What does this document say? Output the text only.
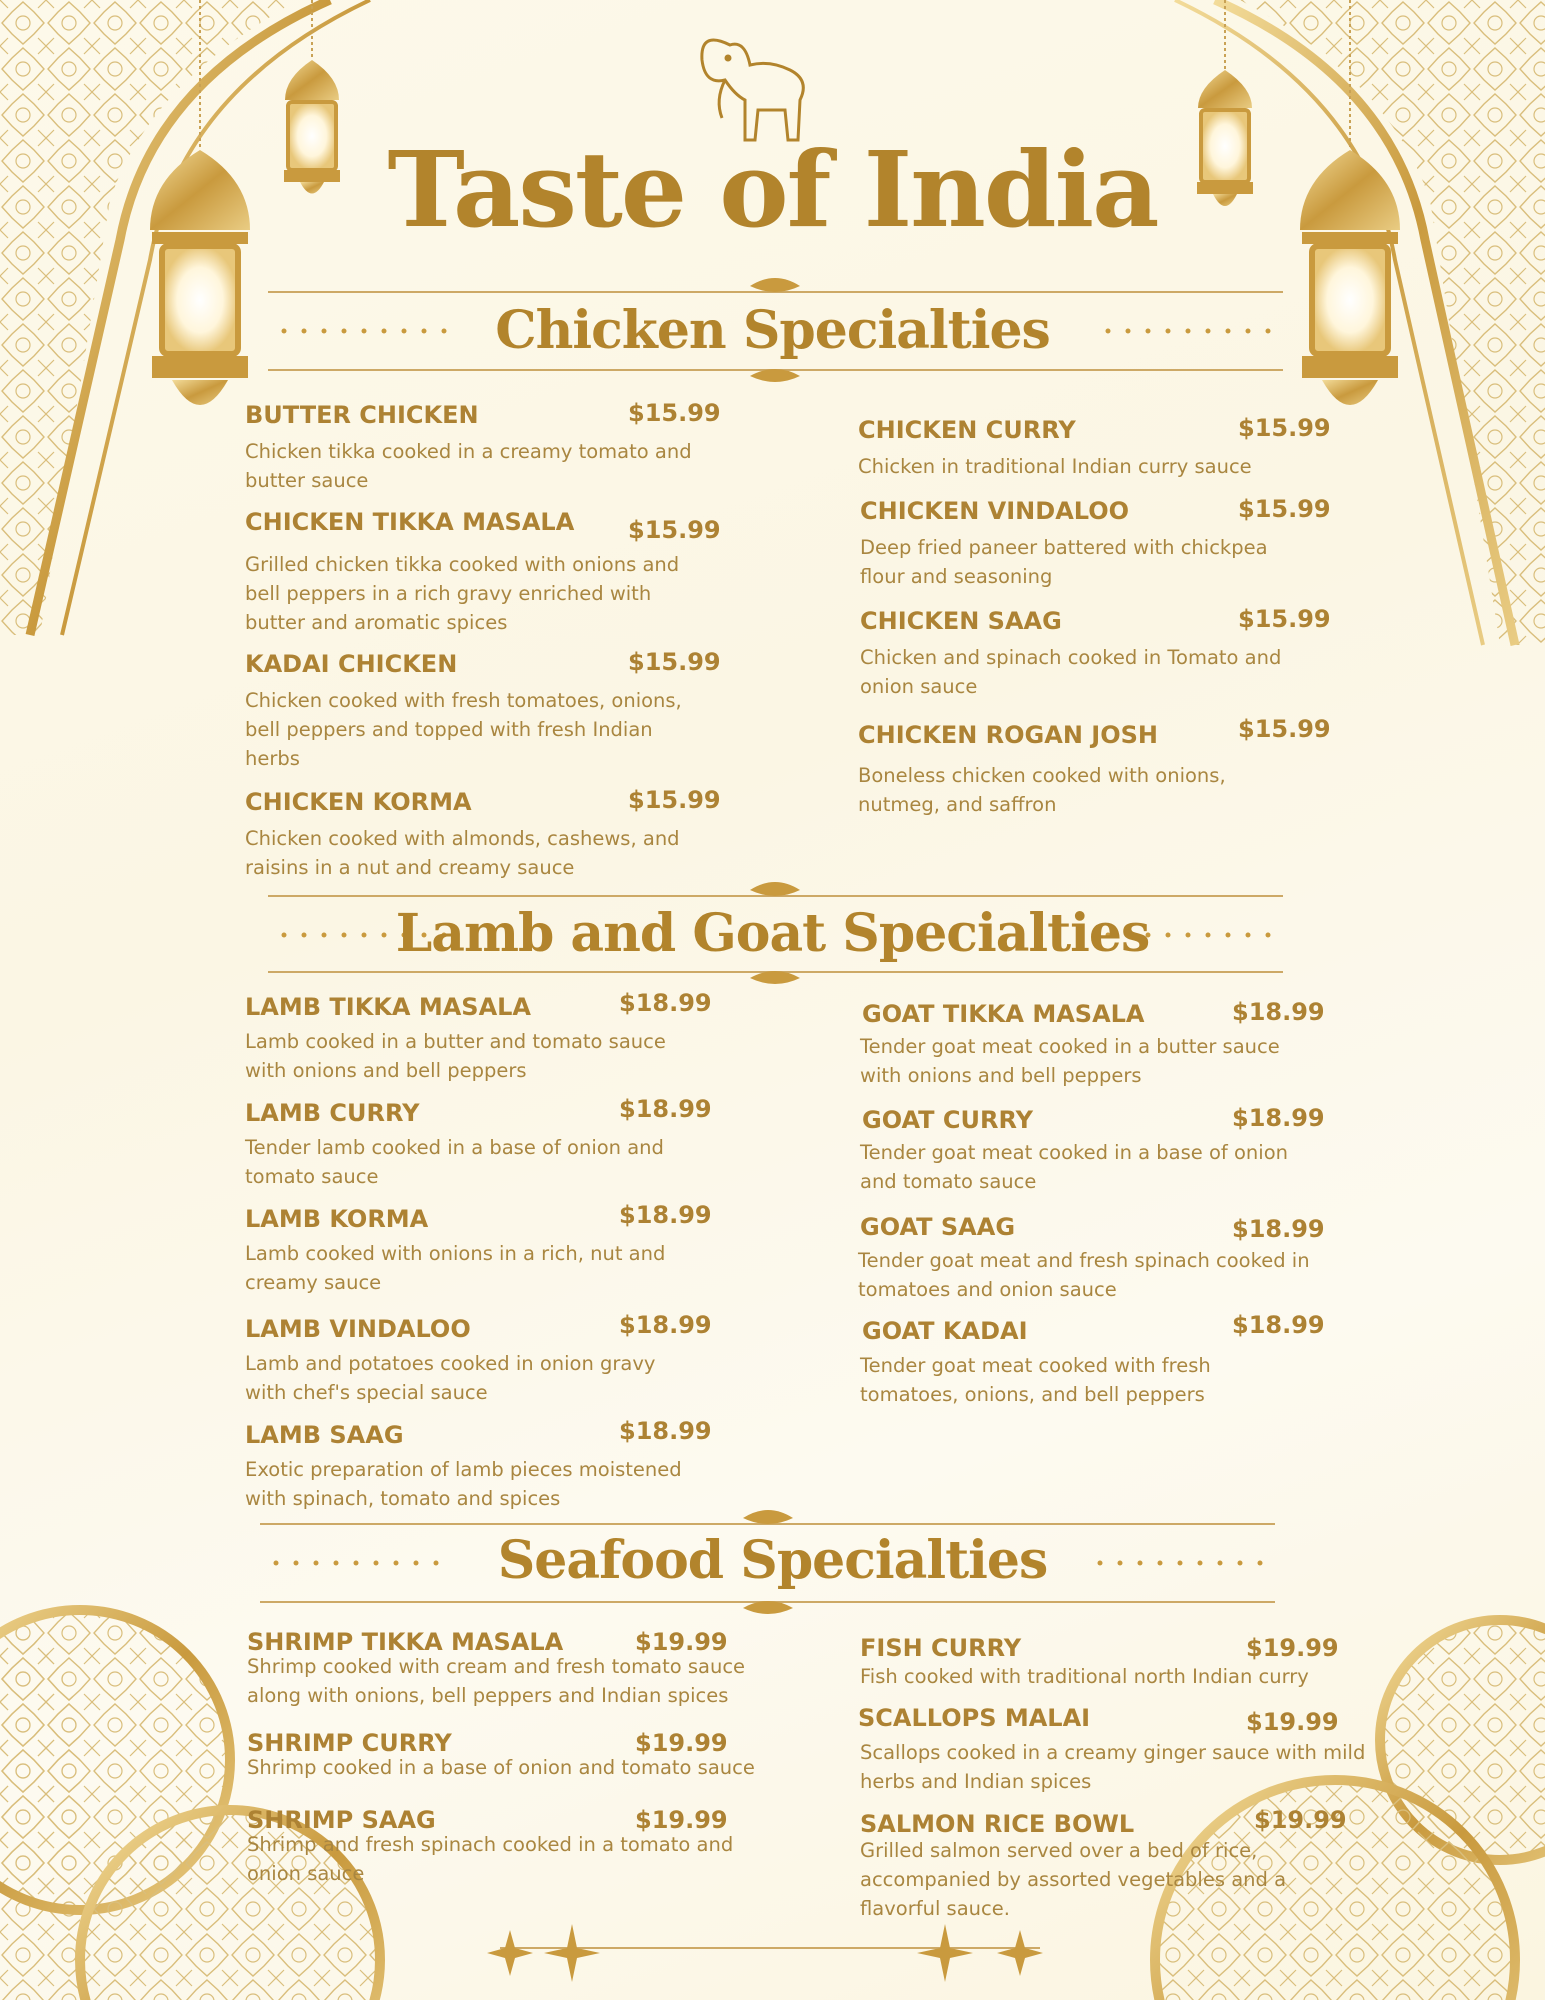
Taste of India
Chicken Specialties
Lamb and Goat Specialties
Seafood Specialties
BUTTER CHICKEN	$15.99
Chicken tikka cooked in a creamy tomato and butter sauce
CHICKEN TIKKA MASALA $15.99
Grilled chicken tikka cooked with onions and bell peppers in a rich gravy enriched with butter and aromatic spices
KADAI CHICKEN	$15.99
Chicken cooked with fresh tomatoes, onions, bell peppers and topped with fresh Indian herbs
CHICKEN KORMA	$15.99
Chicken cooked with almonds, cashews, and raisins in a nut and creamy sauce
CHICKEN CURRY	$15.99
Chicken in traditional Indian curry sauce
CHICKEN VINDALOO	$15.99
Deep fried paneer battered with chickpea flour and seasoning
CHICKEN SAAG	$15.99
Chicken and spinach cooked in Tomato and onion sauce
CHICKEN ROGAN JOSH	$15.99
Boneless chicken cooked with onions, nutmeg, and saffron
LAMB TIKKA MASALA	$18.99
Lamb cooked in a butter and tomato sauce with onions and bell peppers
LAMB CURRY	$18.99
Tender lamb cooked in a base of onion and tomato sauce
LAMB KORMA	$18.99
Lamb cooked with onions in a rich, nut and creamy sauce
LAMB VINDALOO	$18.99
Lamb and potatoes cooked in onion gravy with chef's special sauce
LAMB SAAG	$18.99
Exotic preparation of lamb pieces moistened with spinach, tomato and spices
GOAT TIKKA MASALA	$18.99
Tender goat meat cooked in a butter sauce with onions and bell peppers
GOAT CURRY	$18.99
Tender goat meat cooked in a base of onion and tomato sauce
GOAT SAAG	$18.99
Tender goat meat and fresh spinach cooked in tomatoes and onion sauce
GOAT KADAI	$18.99
Tender goat meat cooked with fresh tomatoes, onions, and bell peppers
SHRIMP TIKKA MASALA	$19.99
Shrimp cooked with cream and fresh tomato sauce along with onions, bell peppers and Indian spices
SHRIMP CURRY	$19.99
Shrimp cooked in a base of onion and tomato sauce
SHRIMP SAAG	$19.99
Shrimp and fresh spinach cooked in a tomato and onion sauce
FISH CURRY	$19.99
Fish cooked with traditional north Indian curry
SCALLOPS MALAI	$19.99
Scallops cooked in a creamy ginger sauce with mild herbs and Indian spices
SALMON RICE BOWL	$19.99
Grilled salmon served over a bed of rice, accompanied by assorted vegetables and a flavorful sauce.
